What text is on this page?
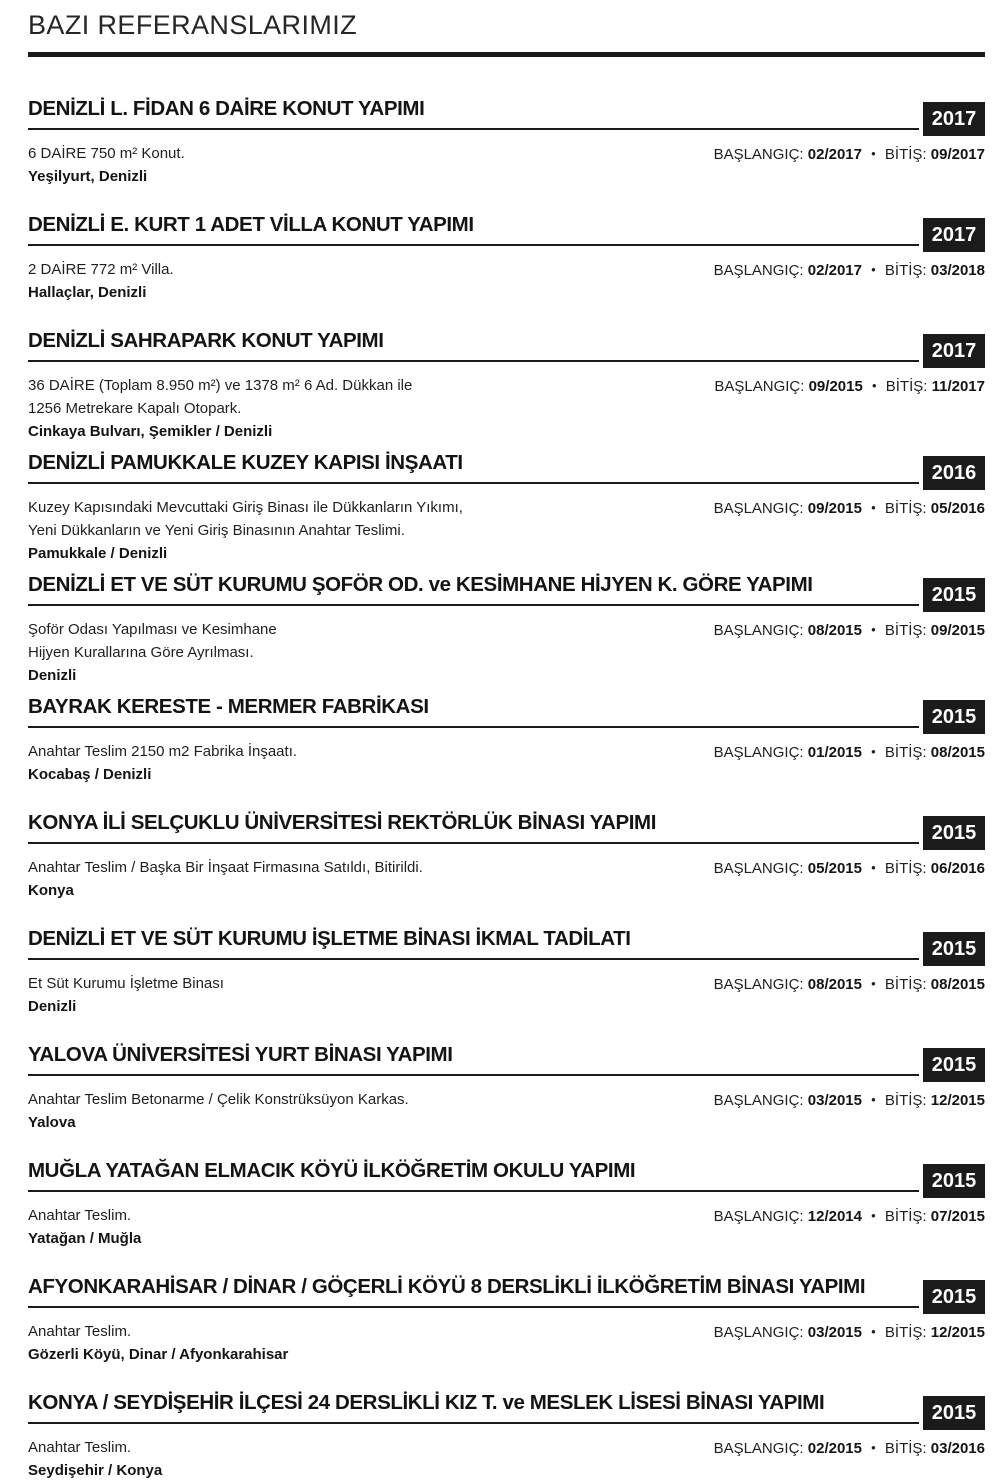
BAZI REFERANSLARIMIZ
DENİZLİ L. FİDAN 6 DAİRE KONUT YAPIMI	2017
6 DAİRE 750 m² Konut.
Yeşilyurt, Denizli
BAŞLANGIÇ: 02/2017 • BİTİŞ: 09/2017
DENİZLİ E. KURT 1 ADET VİLLA KONUT YAPIMI	2017
2 DAİRE 772 m² Villa.
Hallaçlar, Denizli
BAŞLANGIÇ: 02/2017 • BİTİŞ: 03/2018
DENİZLİ SAHRAPARK KONUT YAPIMI	2017
36 DAİRE (Toplam 8.950 m²) ve 1378 m² 6 Ad. Dükkan ile
1256 Metrekare Kapalı Otopark.
Cinkaya Bulvarı, Şemikler / Denizli
BAŞLANGIÇ: 09/2015 • BİTİŞ: 11/2017
DENİZLİ PAMUKKALE KUZEY KAPISI İNŞAATI	2016
Kuzey Kapısındaki Mevcuttaki Giriş Binası ile Dükkanların Yıkımı,
Yeni Dükkanların ve Yeni Giriş Binasının Anahtar Teslimi.
Pamukkale / Denizli
BAŞLANGIÇ: 09/2015 • BİTİŞ: 05/2016
DENİZLİ ET VE SÜT KURUMU ŞOFÖR OD. ve KESİMHANE HİJYEN K. GÖRE YAPIMI	2015
Şoför Odası Yapılması ve Kesimhane
Hijyen Kurallarına Göre Ayrılması.
Denizli
BAŞLANGIÇ: 08/2015 • BİTİŞ: 09/2015
BAYRAK KERESTE - MERMER FABRİKASI	2015
Anahtar Teslim 2150 m2 Fabrika İnşaatı.
Kocabaş / Denizli
BAŞLANGIÇ: 01/2015 • BİTİŞ: 08/2015
KONYA İLİ SELÇUKLU ÜNİVERSİTESİ REKTÖRLÜK BİNASI YAPIMI	2015
Anahtar Teslim / Başka Bir İnşaat Firmasına Satıldı, Bitirildi.
Konya
BAŞLANGIÇ: 05/2015 • BİTİŞ: 06/2016
DENİZLİ ET VE SÜT KURUMU İŞLETME BİNASI İKMAL TADİLATI	2015
Et Süt Kurumu İşletme Binası
Denizli
BAŞLANGIÇ: 08/2015 • BİTİŞ: 08/2015
YALOVA ÜNİVERSİTESİ YURT BİNASI YAPIMI	2015
Anahtar Teslim Betonarme / Çelik Konstrüksüyon Karkas.
Yalova
BAŞLANGIÇ: 03/2015 • BİTİŞ: 12/2015
MUĞLA YATAĞAN ELMACIK KÖYÜ İLKÖĞRETİM OKULU YAPIMI	2015
Anahtar Teslim.
Yatağan / Muğla
BAŞLANGIÇ: 12/2014 • BİTİŞ: 07/2015
AFYONKARAHİSAR / DİNAR / GÖÇERLİ KÖYÜ 8 DERSLİKLİ İLKÖĞRETİM BİNASI YAPIMI	2015
Anahtar Teslim.
Gözerli Köyü, Dinar / Afyonkarahisar
BAŞLANGIÇ: 03/2015 • BİTİŞ: 12/2015
KONYA / SEYDİŞEHİR İLÇESİ 24 DERSLİKLİ KIZ T. ve MESLEK LİSESİ BİNASI YAPIMI	2015
Anahtar Teslim.
Seydişehir / Konya
BAŞLANGIÇ: 02/2015 • BİTİŞ: 03/2016
